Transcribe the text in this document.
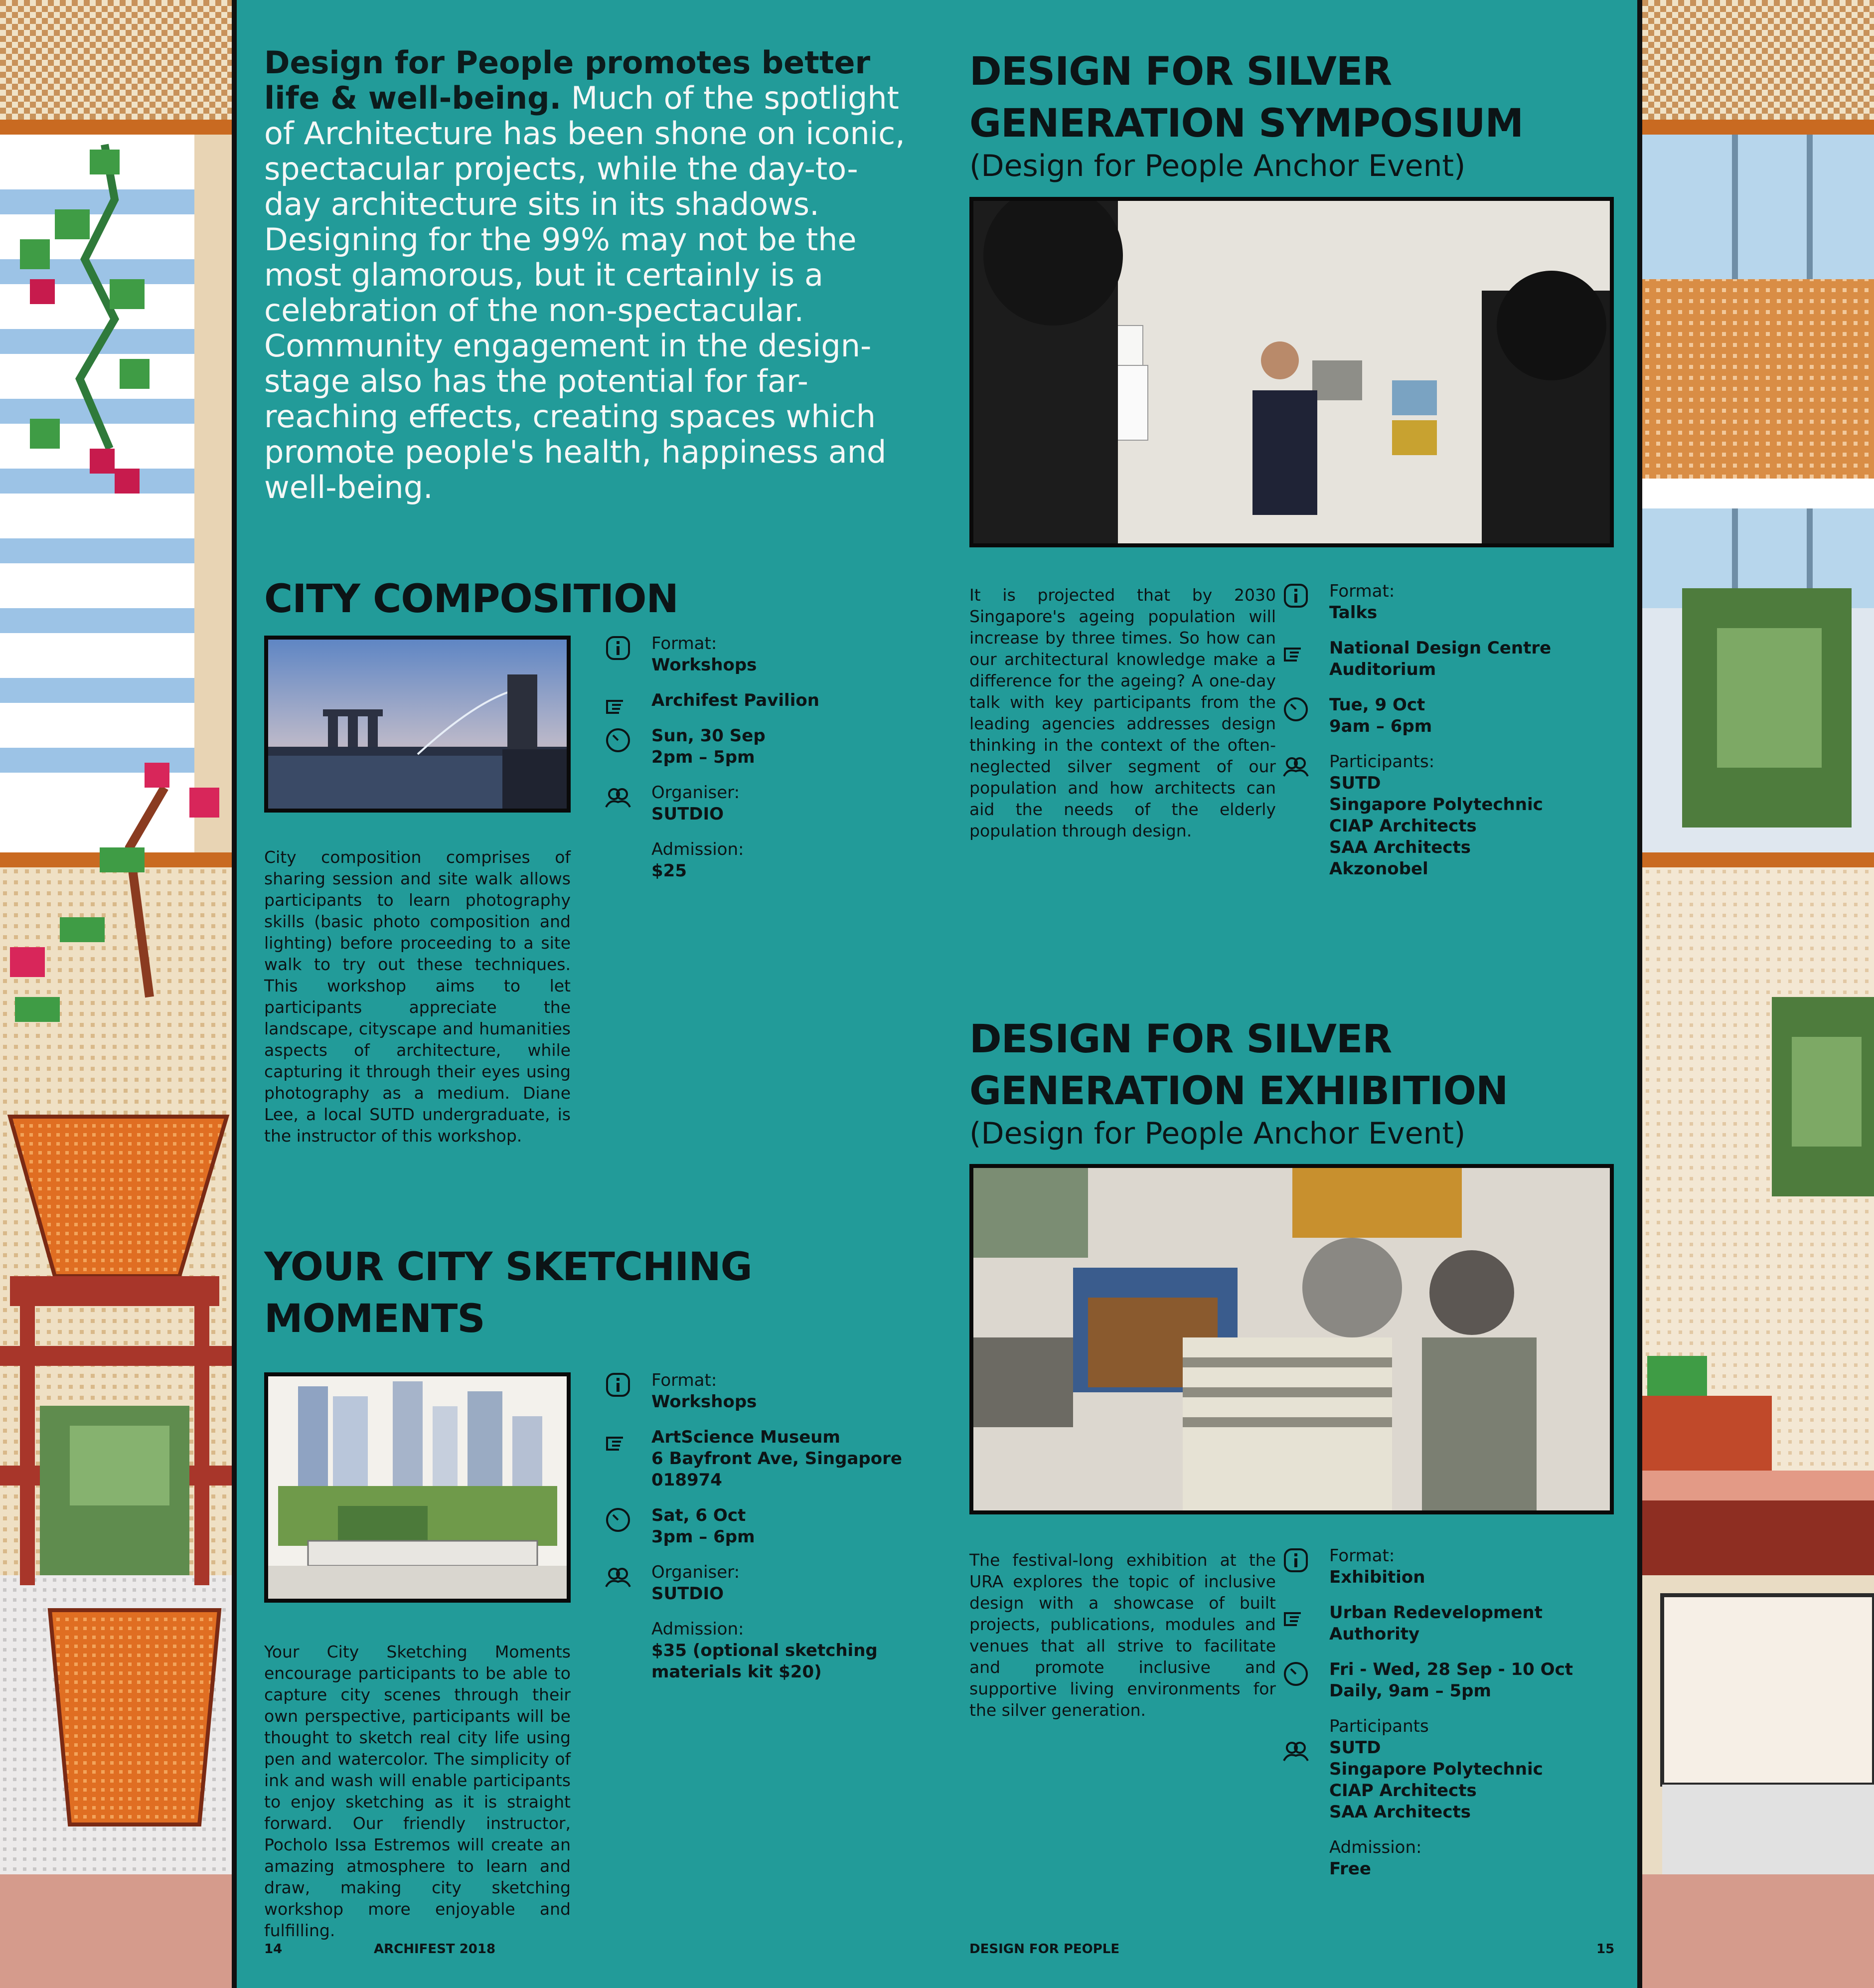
Design for People promotes better life & well-being. Much of the spotlight of Architecture has been shone on iconic, spectacular projects, while the day-to-day architecture sits in its shadows. Designing for the 99% may not be the most glamorous, but it certainly is a celebration of the non-spectacular. Community engagement in the design-stage also has the potential for far-reaching effects, creating spaces which promote people's health, happiness and well-being.
CITY COMPOSITION
Format:
Workshops
Archifest Pavilion
Sun, 30 Sep
2pm – 5pm
Organiser:
SUTDIO
Admission:
$25
City composition comprises of sharing session and site walk allows participants to learn photography skills (basic photo composition and lighting) before proceeding to a site walk to try out these techniques. This workshop aims to let participants appreciate the landscape, cityscape and humanities aspects of architecture, while capturing it through their eyes using photography as a medium. Diane Lee, a local SUTD undergraduate, is the instructor of this workshop.
YOUR CITY SKETCHING
MOMENTS
Format:
Workshops
ArtScience Museum
6 Bayfront Ave, Singapore 018974
Sat, 6 Oct
3pm – 6pm
Organiser:
SUTDIO
Admission:
$35 (optional sketching
materials kit $20)
Your City Sketching Moments encourage participants to be able to capture city scenes through their own perspective, participants will be thought to sketch real city life using pen and watercolor. The simplicity of ink and wash will enable participants to enjoy sketching as it is straight forward. Our friendly instructor, Pocholo Issa Estremos will create an amazing atmosphere to learn and draw, making city sketching workshop more enjoyable and fulfilling.
DESIGN FOR SILVER
GENERATION SYMPOSIUM
(Design for People Anchor Event)
It is projected that by 2030 Singapore's ageing population will increase by three times. So how can our architectural knowledge make a difference for the ageing? A one-day talk with key participants from the leading agencies addresses design thinking in the context of the often-neglected silver segment of our population and how architects can aid the needs of the elderly population through design.
Format:
Talks
National Design Centre
Auditorium
Tue, 9 Oct
9am – 6pm
Participants:
SUTD
Singapore Polytechnic
CIAP Architects
SAA Architects
Akzonobel
DESIGN FOR SILVER
GENERATION EXHIBITION
(Design for People Anchor Event)
The festival-long exhibition at the URA explores the topic of inclusive design with a showcase of built projects, publications, modules and venues that all strive to facilitate and promote inclusive and supportive living environments for the silver generation.
Format:
Exhibition
Urban Redevelopment Authority
Fri - Wed, 28 Sep - 10 Oct
Daily, 9am – 5pm
Participants
SUTD
Singapore Polytechnic
CIAP Architects
SAA Architects
Admission:
Free
14	ARCHIFEST 2018	DESIGN FOR PEOPLE	15
